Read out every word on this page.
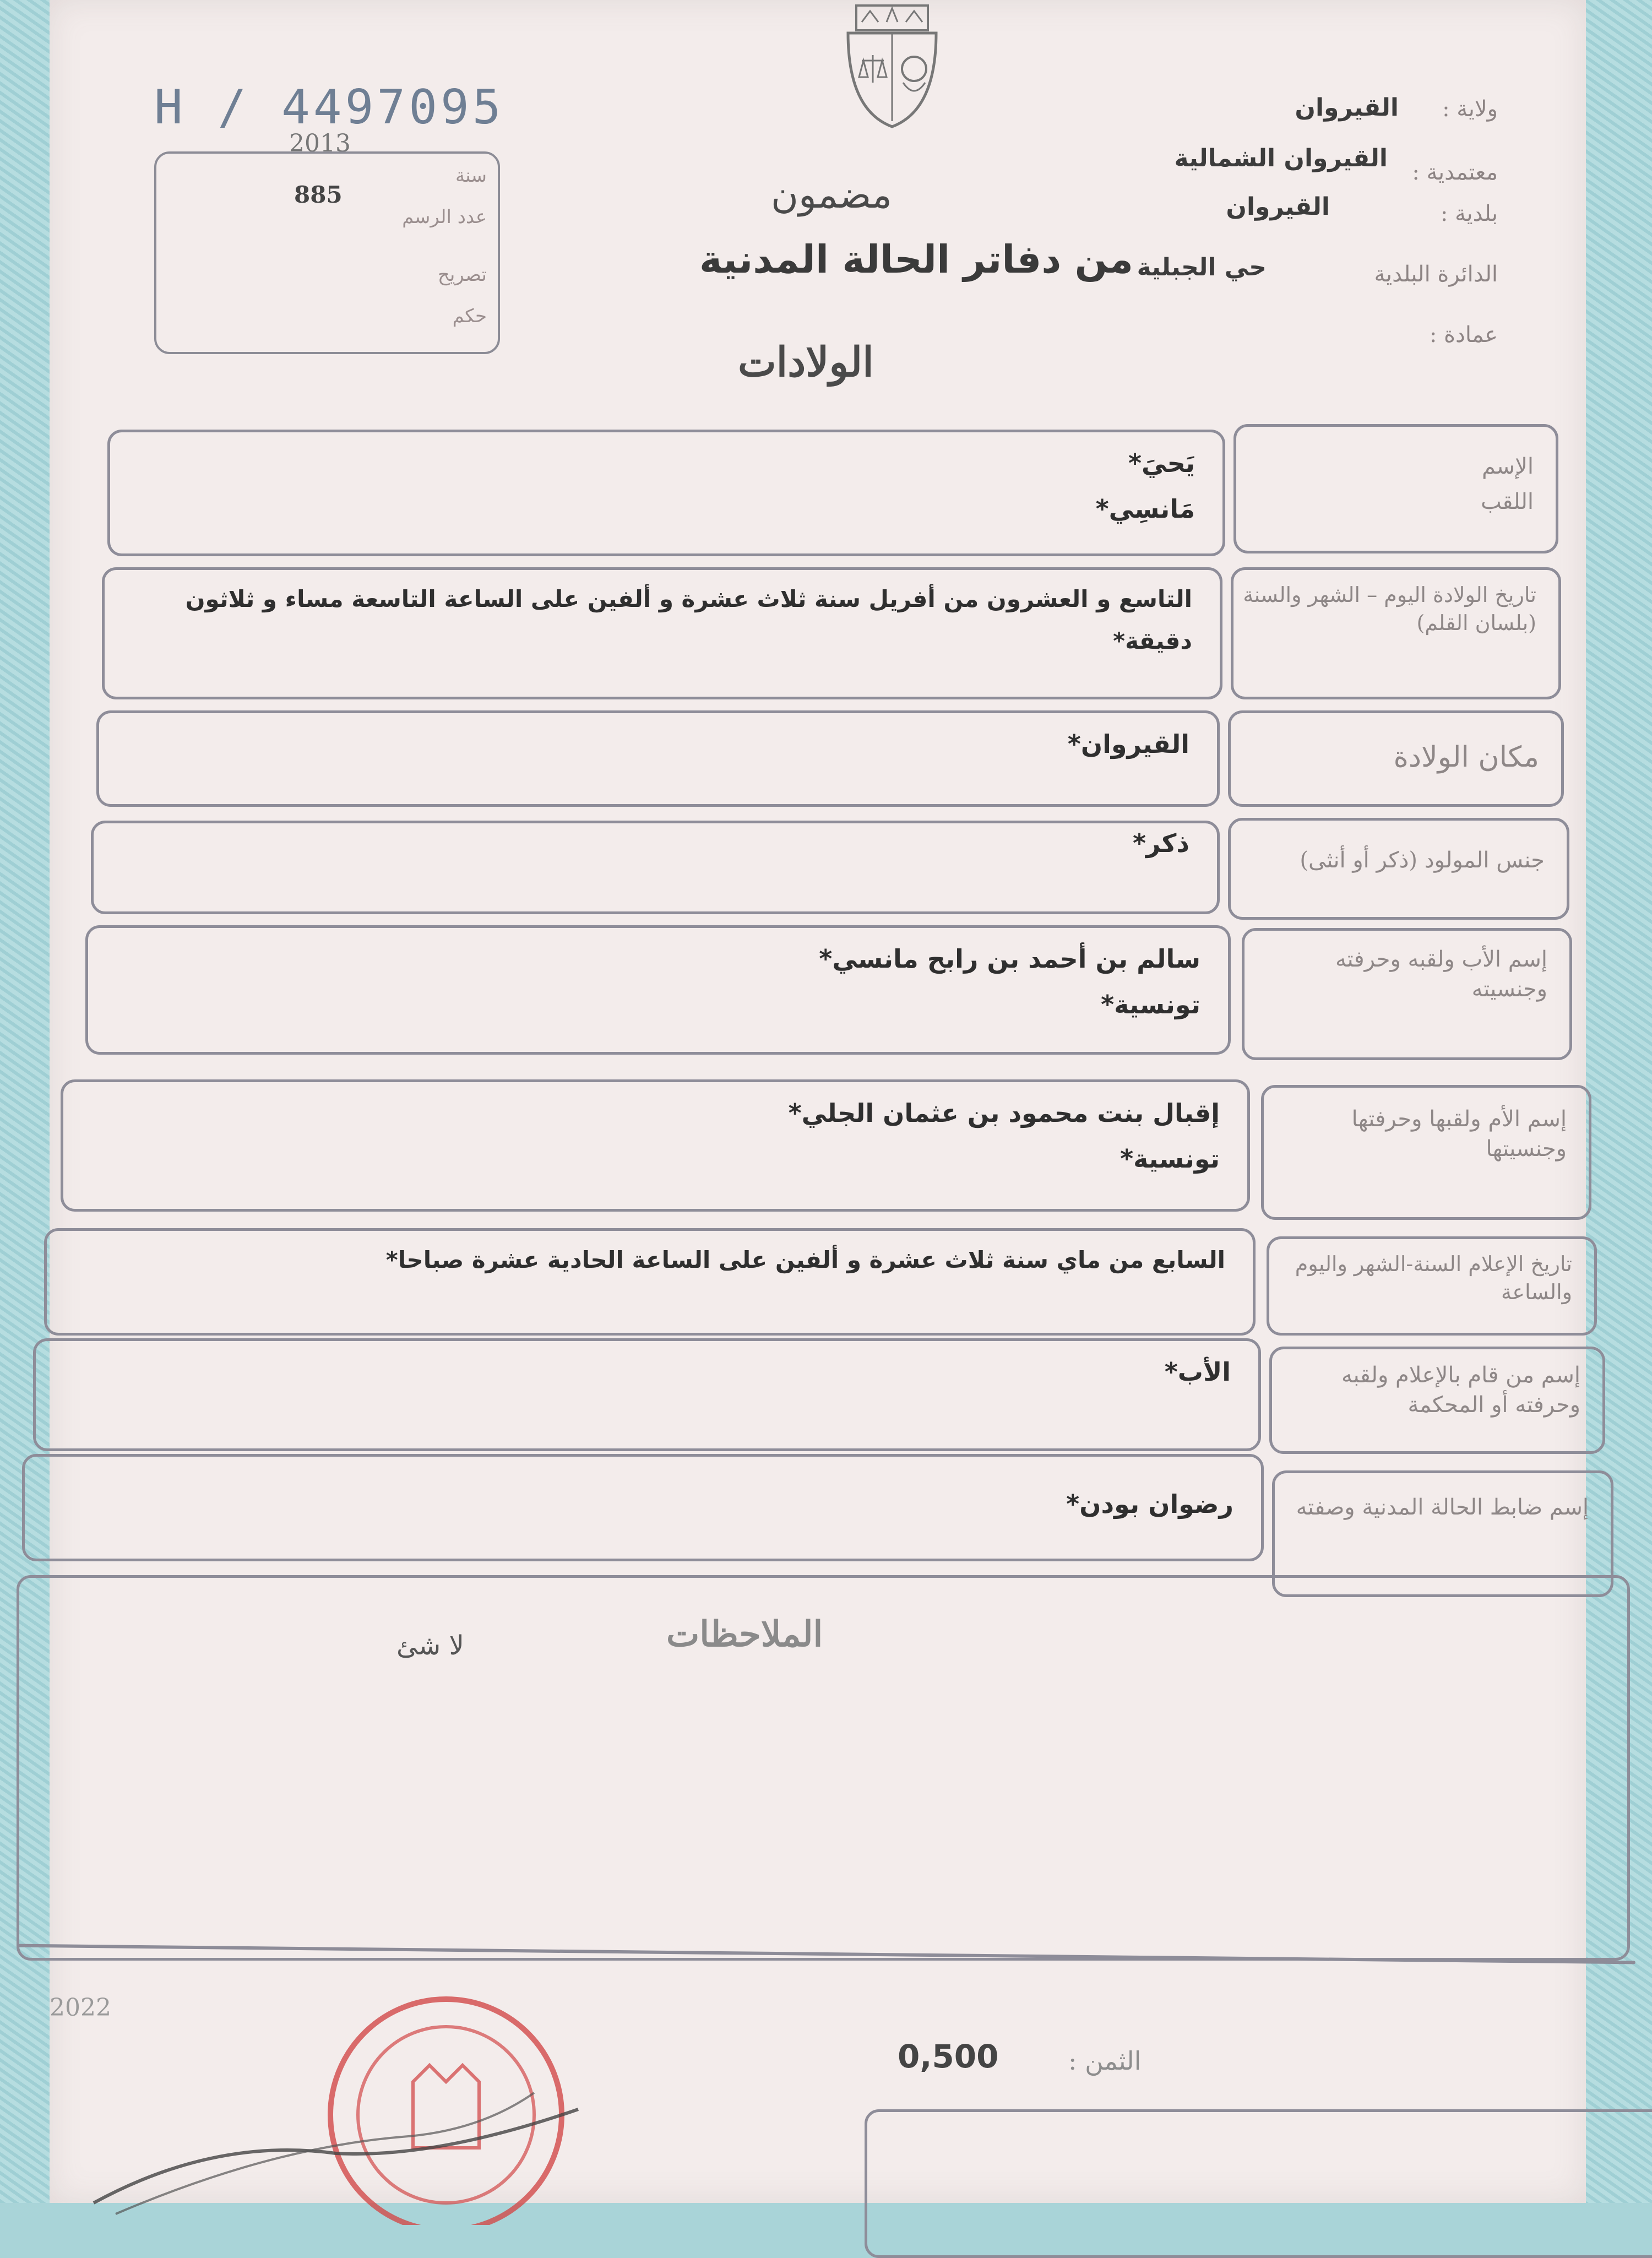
H / 4497095
2013
سنة
885
عدد الرسم
تصريح
حكم
ولاية :
القيروان
معتمدية :
القيروان الشمالية
بلدية :
القيروان
الدائرة البلدية
حي الجبلية
عمادة :
مضمون
من دفاتر الحالة المدنية
الولادات
الإسم
اللقب
يَحيَ*
مَانسِي*
تاريخ الولادة اليوم – الشهر والسنة (بلسان القلم)
التاسع و العشرون من أفريل سنة ثلاث عشرة و ألفين على الساعة التاسعة مساء و ثلاثون دقيقة*
مكان الولادة
القيروان*
جنس المولود (ذكر أو أنثى)
ذكر*
إسم الأب ولقبه وحرفته وجنسيته
سالم بن أحمد بن رابح مانسي*
تونسية*
إسم الأم ولقبها وحرفتها وجنسيتها
إقبال بنت محمود بن عثمان الجلي*
تونسية*
تاريخ الإعلام السنة-الشهر واليوم والساعة
السابع من ماي سنة ثلاث عشرة و ألفين على الساعة الحادية عشرة صباحا*
إسم من قام بالإعلام ولقبه وحرفته أو المحكمة
الأب*
إسم ضابط الحالة المدنية وصفته
رضوان بودن*
الملاحظات
لا شئ
2022
الثمن :
0,500
